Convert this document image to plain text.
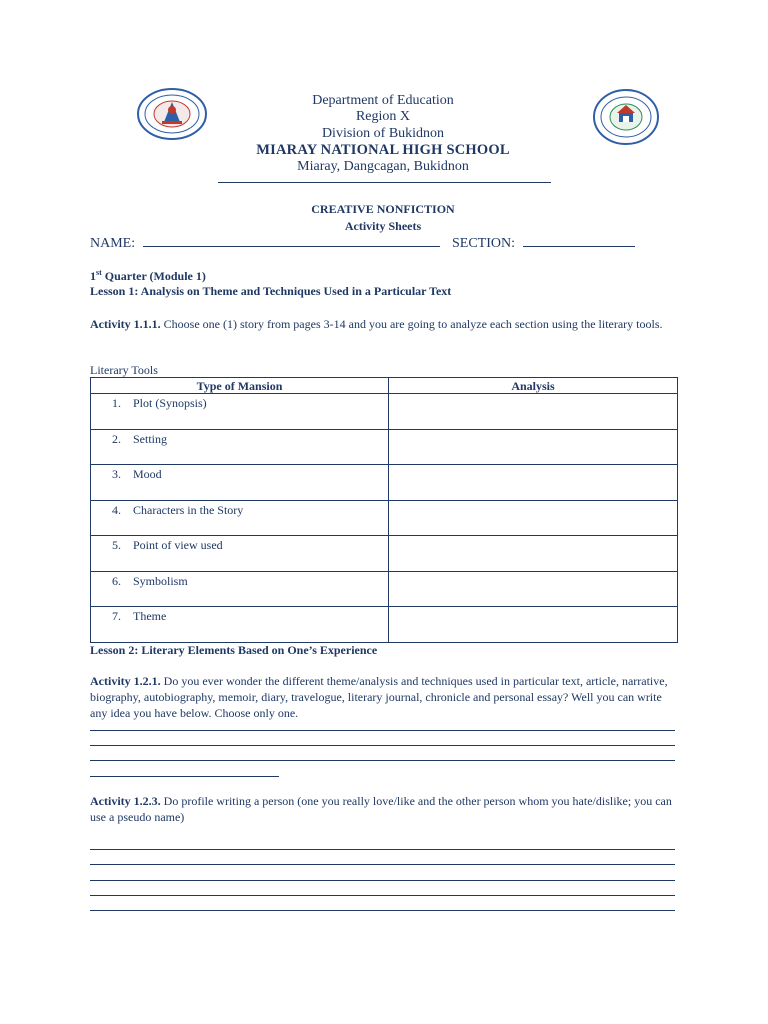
Department of Education
Region X
Division of Bukidnon
MIARAY NATIONAL HIGH SCHOOL
Miaray, Dangcagan, Bukidnon
CREATIVE NONFICTION
Activity Sheets
NAME:	SECTION:
1st Quarter (Module 1)
Lesson 1: Analysis on Theme and Techniques Used in a Particular Text
Activity 1.1.1. Choose one (1) story from pages 3-14 and you are going to analyze each section using the literary tools.
Literary Tools
Type of Mansion	Analysis
1. Plot (Synopsis)	
2. Setting	
3. Mood	
4. Characters in the Story	
5. Point of view used	
6. Symbolism	
7. Theme	
Lesson 2: Literary Elements Based on One’s Experience
Activity 1.2.1. Do you ever wonder the different theme/analysis and techniques used in particular text, article, narrative, biography, autobiography, memoir, diary, travelogue, literary journal, chronicle and personal essay? Well you can write any idea you have below. Choose only one.
Activity 1.2.3. Do profile writing a person (one you really love/like and the other person whom you hate/dislike; you can use a pseudo name)
